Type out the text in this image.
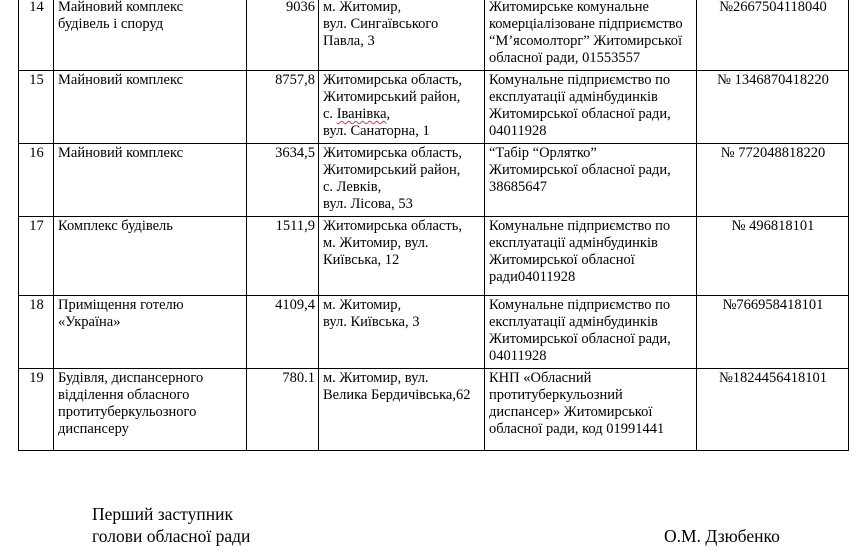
14	Майновий комплекс
будівель і споруд	9036	м. Житомир,
вул. Сингаївського
Павла, 3	Житомирське комунальне
комерціалізоване підприємство
“М’ясомолторг” Житомирської
обласної ради, 01553557	№2667504118040
15	Майновий комплекс	8757,8	Житомирська область,
Житомирський район,
с. Іванівка,
вул. Санаторна, 1	Комунальне підприємство по
експлуатації адмінбудинків
Житомирської обласної ради,
04011928	№ 1346870418220
16	Майновий комплекс	3634,5	Житомирська область,
Житомирський район,
с. Левків,
вул. Лісова, 53	“Табір “Орлятко”
Житомирської обласної ради,
38685647	№ 772048818220
17	Комплекс будівель	1511,9	Житомирська область,
м. Житомир, вул.
Київська, 12	Комунальне підприємство по
експлуатації адмінбудинків
Житомирської обласної
ради04011928	№ 496818101
18	Приміщення готелю
«Україна»	4109,4	м. Житомир,
вул. Київська, 3	Комунальне підприємство по
експлуатації адмінбудинків
Житомирської обласної ради,
04011928	№766958418101
19	Будівля, диспансерного
відділення обласного
протитуберкульозного
диспансеру	780.1	м. Житомир, вул.
Велика Бердичівська,62	КНП «Обласний
протитуберкульозний
диспансер» Житомирської
обласної ради, код 01991441	№1824456418101
Перший заступник
голови обласної ради	О.М. Дзюбенко
